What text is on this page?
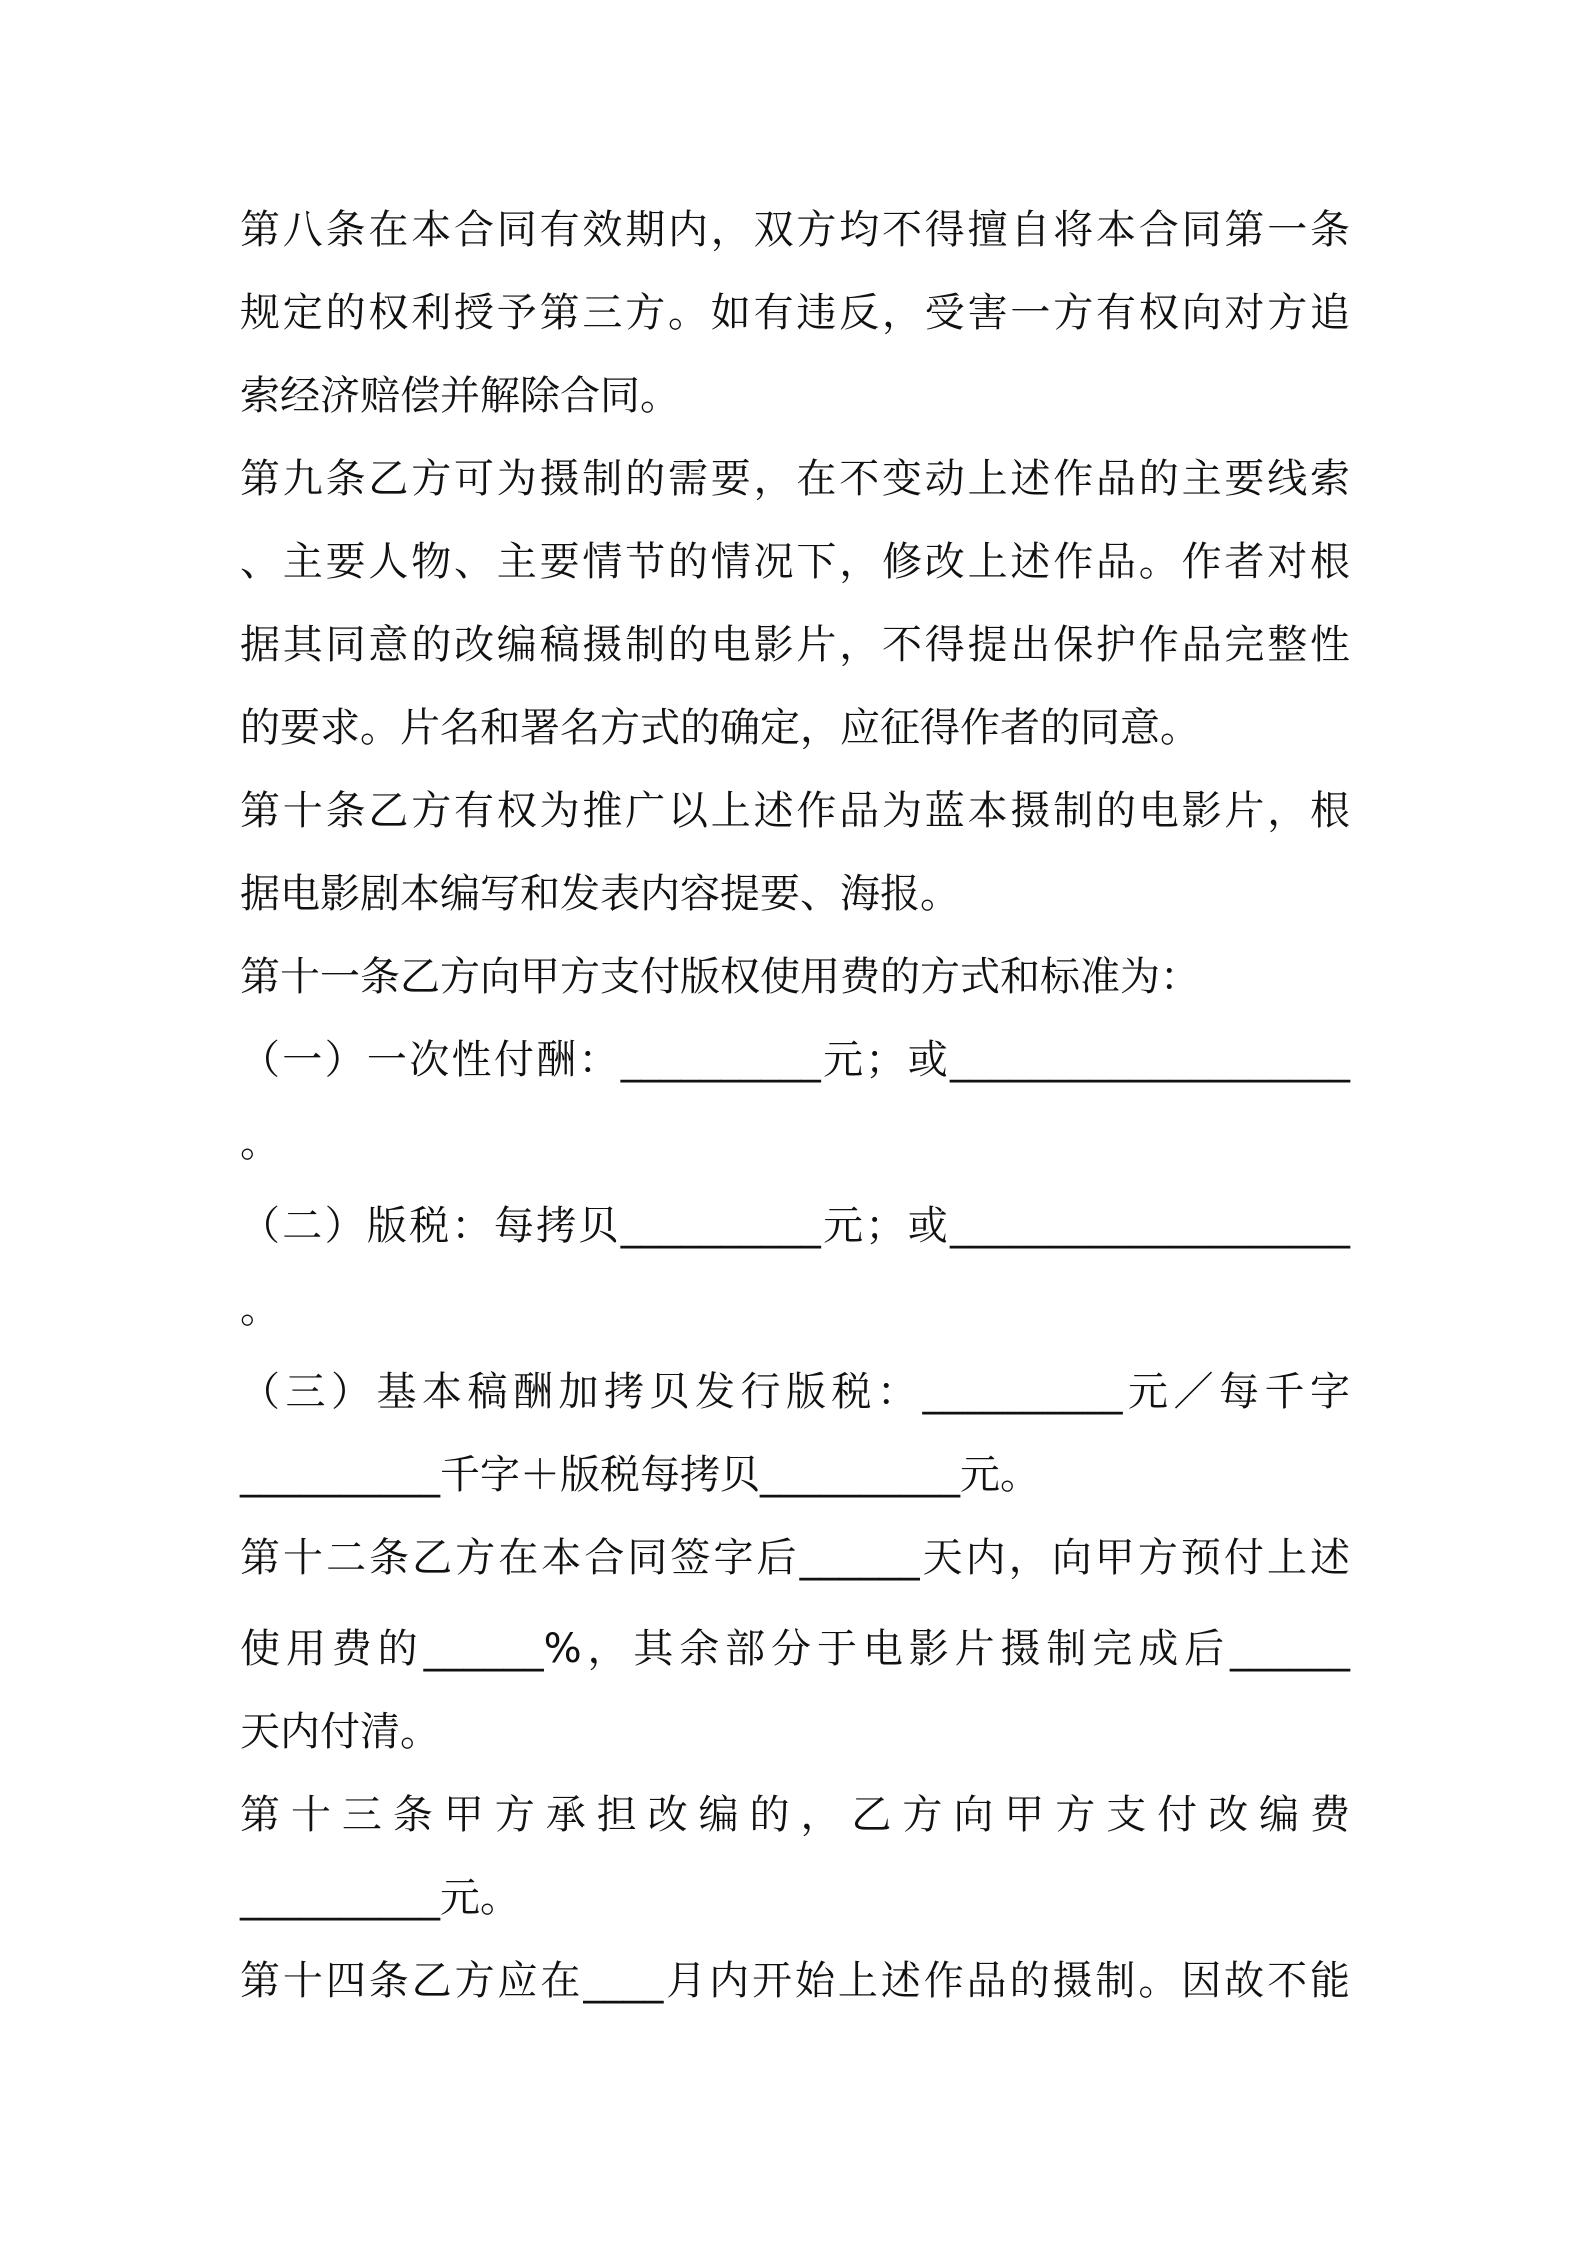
第八条在本合同有效期内，双方均不得擅自将本合同第一条
规定的权利授予第三方。如有违反，受害一方有权向对方追
索经济赔偿并解除合同。
第九条乙方可为摄制的需要，在不变动上述作品的主要线索
、主要人物、主要情节的情况下，修改上述作品。作者对根
据其同意的改编稿摄制的电影片，不得提出保护作品完整性
的要求。片名和署名方式的确定，应征得作者的同意。
第十条乙方有权为推广以上述作品为蓝本摄制的电影片，根
据电影剧本编写和发表内容提要、海报。
第十一条乙方向甲方支付版权使用费的方式和标准为：
（一）一次性付酬：__________元；或____________________
。
（二）版税：每拷贝__________元；或____________________
。
（三）基本稿酬加拷贝发行版税：__________元／每千字
__________千字＋版税每拷贝__________元。
第十二条乙方在本合同签字后______天内，向甲方预付上述
使用费的______%，其余部分于电影片摄制完成后______
天内付清。
第十三条甲方承担改编的，乙方向甲方支付改编费
__________元。
第十四条乙方应在____月内开始上述作品的摄制。因故不能
